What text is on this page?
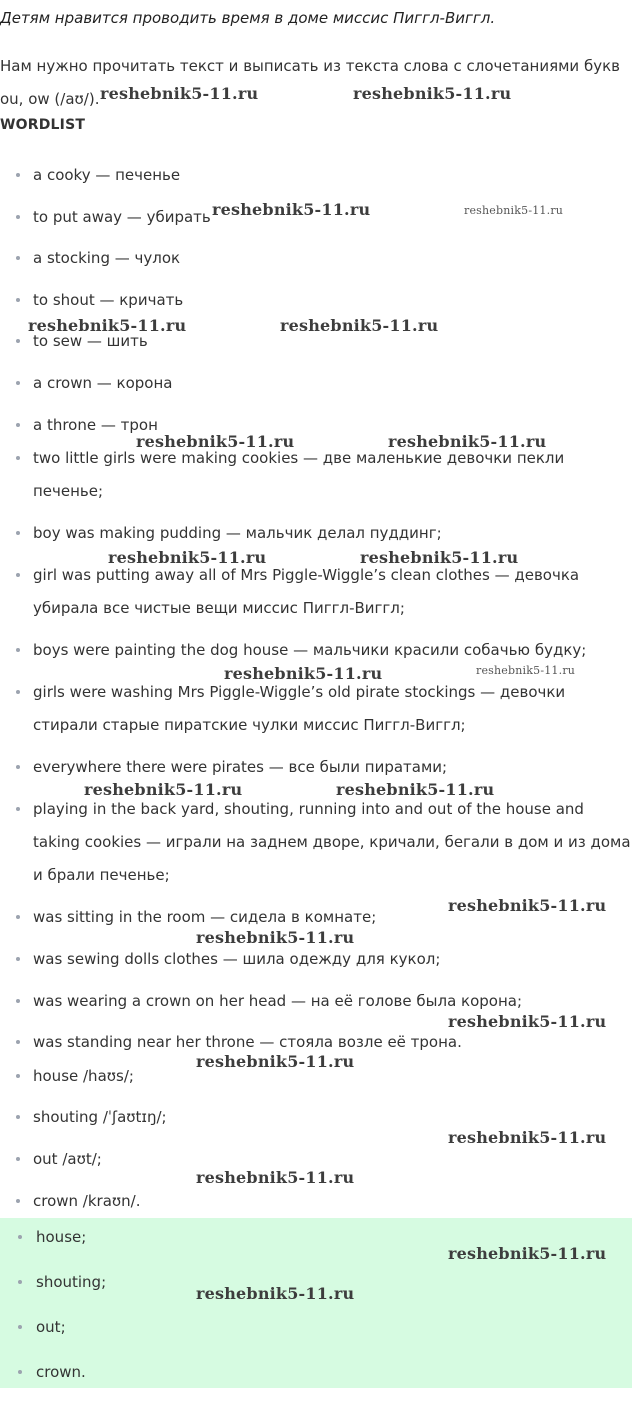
Детям нравится проводить время в доме миссис Пиггл-Виггл.
Нам нужно прочитать текст и выписать из текста слова с слочетаниями букв ou, ow (/aʊ/).
WORDLIST

a cooky — печенье

to put away — убирать

a stocking — чулок

to shout — кричать

to sew — шить

a crown — корона

a throne — трон

two little girls were making cookies — две маленькие девочки пекли печенье;

boy was making pudding — мальчик делал пуддинг;

girl was putting away all of Mrs Piggle-Wiggle’s clean clothes — девочка убирала все чистые вещи миссис Пиггл-Виггл;

boys were painting the dog house — мальчики красили собачью будку;

girls were washing Mrs Piggle-Wiggle’s old pirate stockings — девочки стирали старые пиратские чулки миссис Пиггл-Виггл;

everywhere there were pirates — все были пиратами;

playing in the back yard, shouting, running into and out of the house and taking cookies — играли на заднем дворе, кричали, бегали в дом и из дома и брали печенье;

was sitting in the room — сидела в комнате;

was sewing dolls clothes — шила одежду для кукол;

was wearing a crown on her head — на её голове была корона;

was standing near her throne — стояла возле её трона.

house /haʊs/;

shouting /ˈʃaʊtɪŋ/;

out /aʊt/;

crown /kraʊn/.

house;
shouting;
out;
crown.
reshebnik5-11.ru	reshebnik5-11.ru
reshebnik5-11.ru	reshebnik5-11.ru
reshebnik5-11.ru	reshebnik5-11.ru
reshebnik5-11.ru	reshebnik5-11.ru
reshebnik5-11.ru	reshebnik5-11.ru
reshebnik5-11.ru	reshebnik5-11.ru
reshebnik5-11.ru	reshebnik5-11.ru
reshebnik5-11.ru
reshebnik5-11.ru
reshebnik5-11.ru
reshebnik5-11.ru
reshebnik5-11.ru
reshebnik5-11.ru
reshebnik5-11.ru
reshebnik5-11.ru
